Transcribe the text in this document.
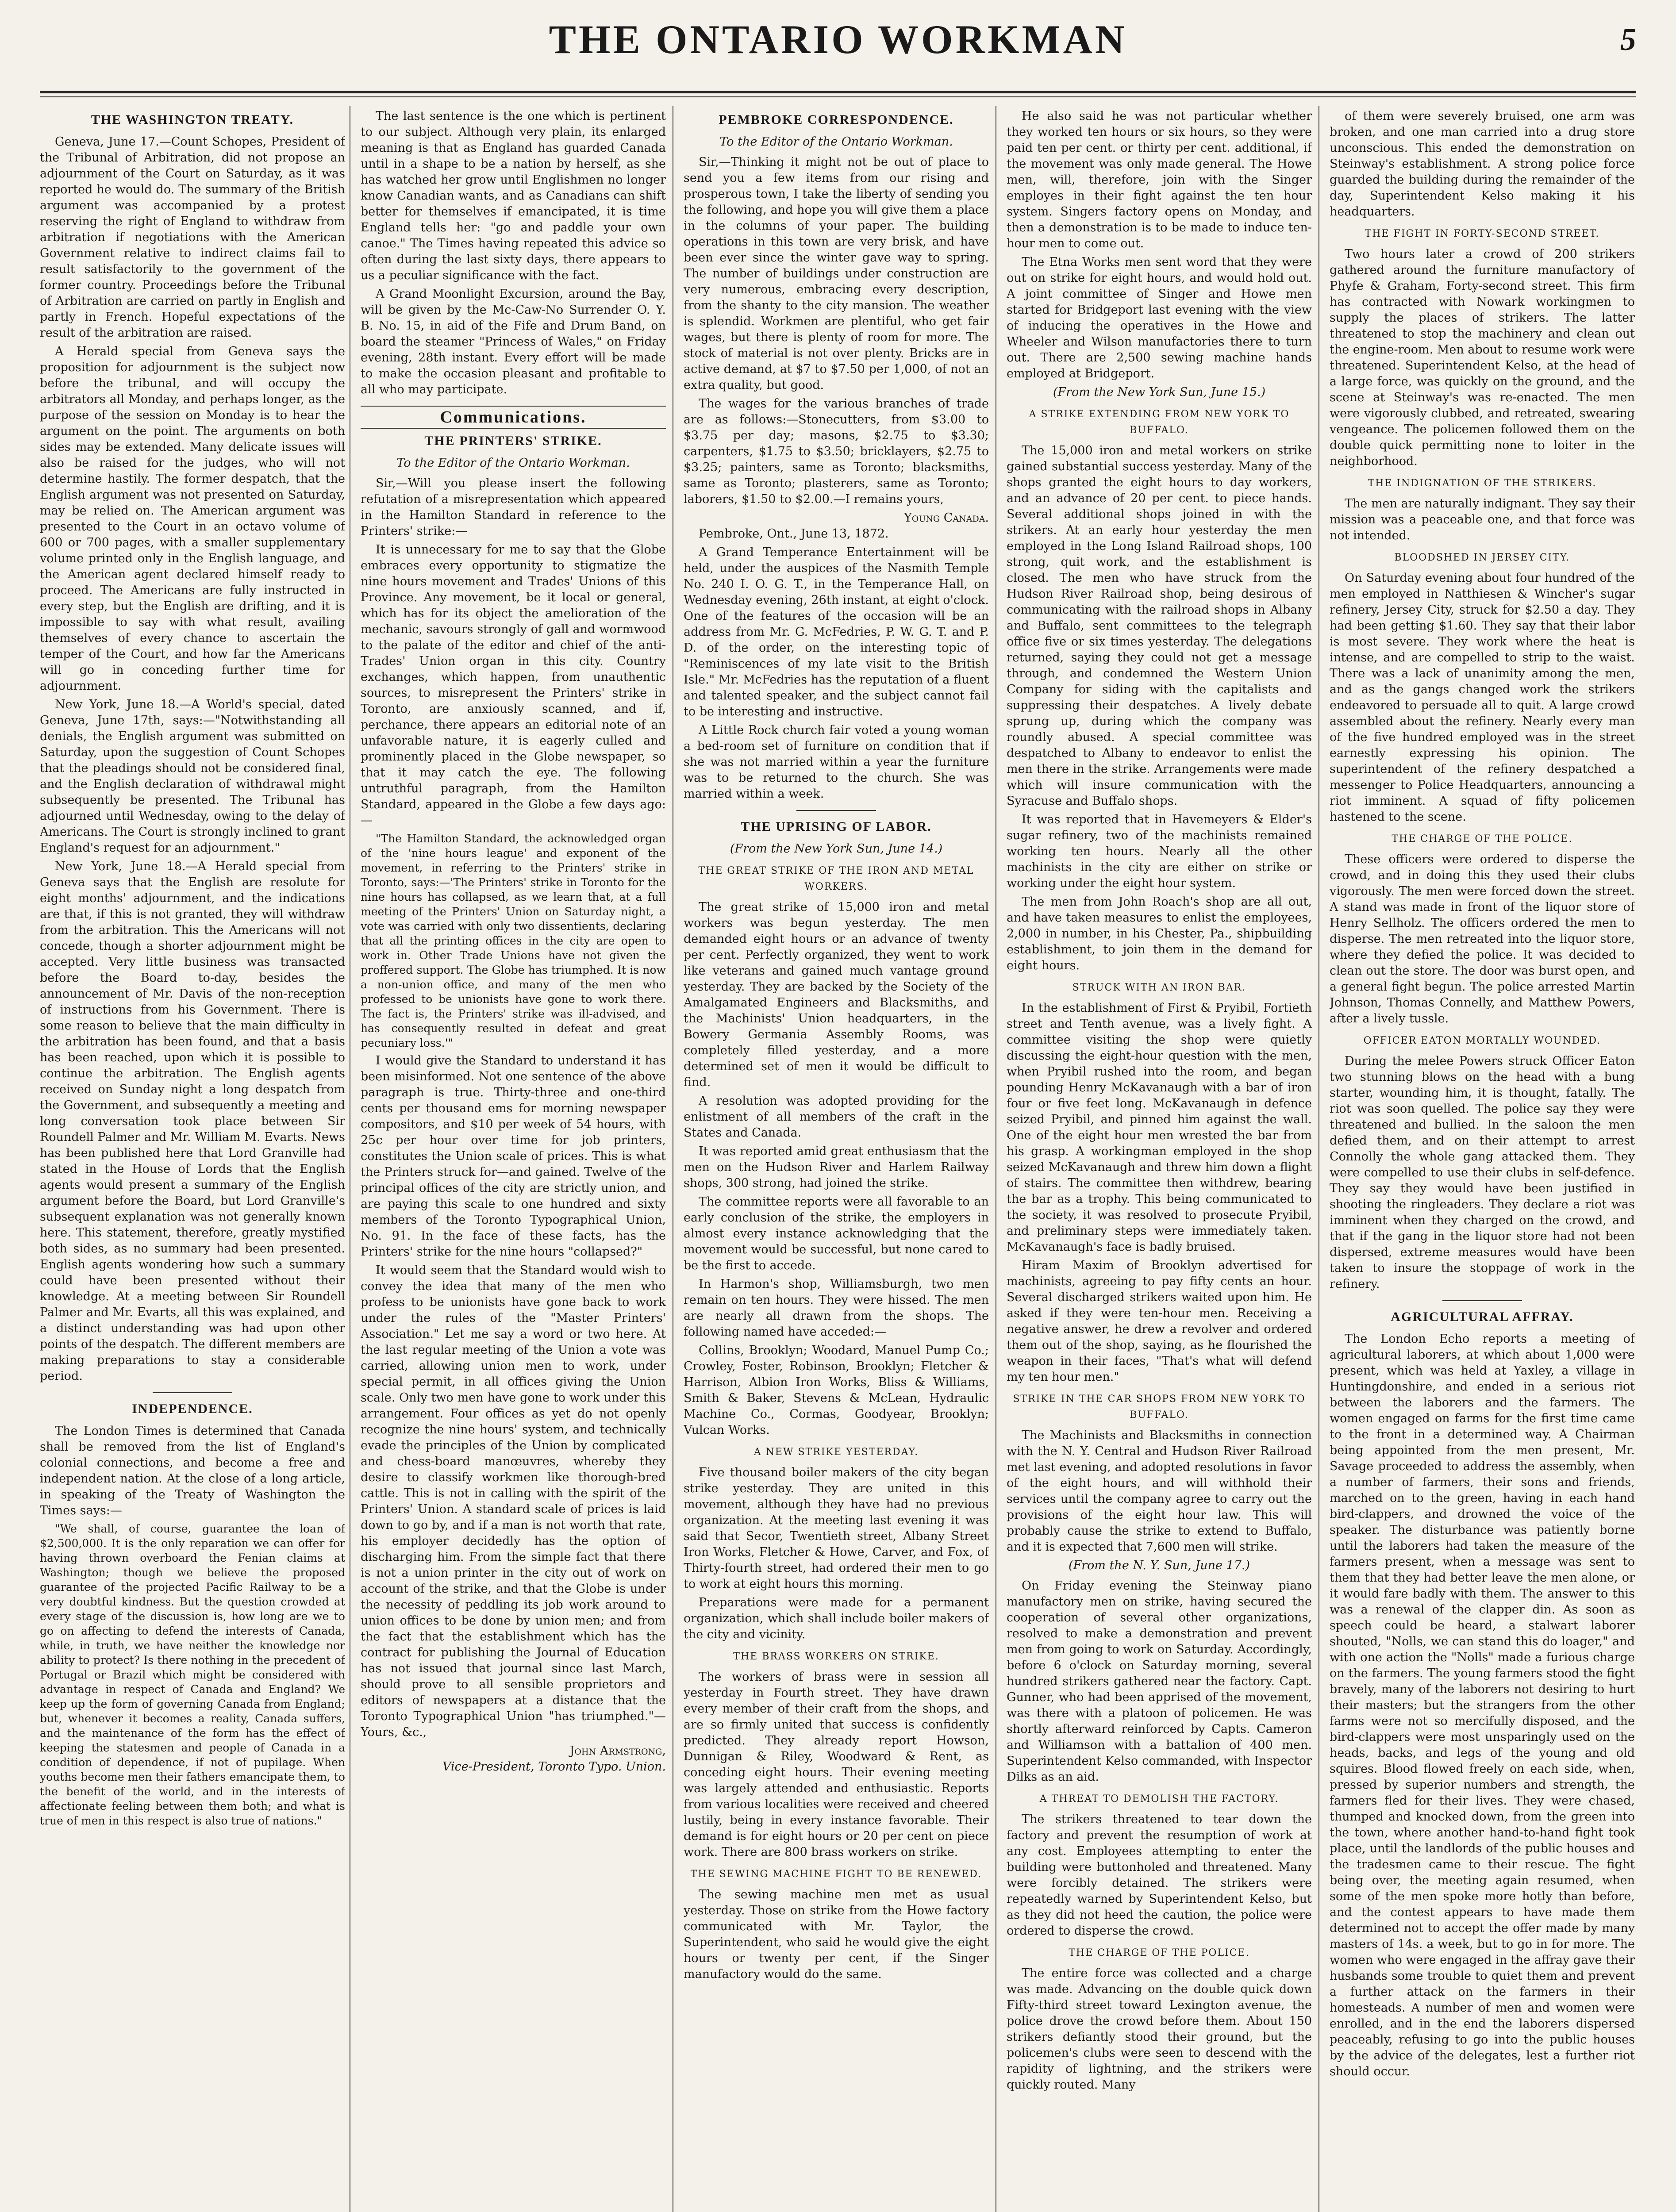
THE ONTARIO WORKMAN	5
THE WASHINGTON TREATY.

Geneva, June 17.—Count Schopes, President of the Tribunal of Arbitration, did not propose an adjournment of the Court on Saturday, as it was reported he would do. The summary of the British argument was accompanied by a protest reserving the right of England to withdraw from arbitration if negotiations with the American Government relative to indirect claims fail to result satisfactorily to the government of the former country. Proceedings before the Tribunal of Arbitration are carried on partly in English and partly in French. Hopeful expectations of the result of the arbitration are raised.

A Herald special from Geneva says the proposition for adjournment is the subject now before the tribunal, and will occupy the arbitrators all Monday, and perhaps longer, as the purpose of the session on Monday is to hear the argument on the point. The arguments on both sides may be extended. Many delicate issues will also be raised for the judges, who will not determine hastily. The former despatch, that the English argument was not presented on Saturday, may be relied on. The American argument was presented to the Court in an octavo volume of 600 or 700 pages, with a smaller supplementary volume printed only in the English language, and the American agent declared himself ready to proceed. The Americans are fully instructed in every step, but the English are drifting, and it is impossible to say with what result, availing themselves of every chance to ascertain the temper of the Court, and how far the Americans will go in conceding further time for adjournment.

New York, June 18.—A World's special, dated Geneva, June 17th, says:—"Notwithstanding all denials, the English argument was submitted on Saturday, upon the suggestion of Count Schopes that the pleadings should not be considered final, and the English declaration of withdrawal might subsequently be presented. The Tribunal has adjourned until Wednesday, owing to the delay of Americans. The Court is strongly inclined to grant England's request for an adjournment."

New York, June 18.—A Herald special from Geneva says that the English are resolute for eight months' adjournment, and the indications are that, if this is not granted, they will withdraw from the arbitration. This the Americans will not concede, though a shorter adjournment might be accepted. Very little business was transacted before the Board to-day, besides the announcement of Mr. Davis of the non-reception of instructions from his Government. There is some reason to believe that the main difficulty in the arbitration has been found, and that a basis has been reached, upon which it is possible to continue the arbitration. The English agents received on Sunday night a long despatch from the Government, and subsequently a meeting and long conversation took place between Sir Roundell Palmer and Mr. William M. Evarts. News has been published here that Lord Granville had stated in the House of Lords that the English agents would present a summary of the English argument before the Board, but Lord Granville's subsequent explanation was not generally known here. This statement, therefore, greatly mystified both sides, as no summary had been presented. English agents wondering how such a summary could have been presented without their knowledge. At a meeting between Sir Roundell Palmer and Mr. Evarts, all this was explained, and a distinct understanding was had upon other points of the despatch. The different members are making preparations to stay a considerable period.

INDEPENDENCE.

The London Times is determined that Canada shall be removed from the list of England's colonial connections, and become a free and independent nation. At the close of a long article, in speaking of the Treaty of Washington the Times says:—

"We shall, of course, guarantee the loan of $2,500,000. It is the only reparation we can offer for having thrown overboard the Fenian claims at Washington; though we believe the proposed guarantee of the projected Pacific Railway to be a very doubtful kindness. But the question crowded at every stage of the discussion is, how long are we to go on affecting to defend the interests of Canada, while, in truth, we have neither the knowledge nor ability to protect? Is there nothing in the precedent of Portugal or Brazil which might be considered with advantage in respect of Canada and England? We keep up the form of governing Canada from England; but, whenever it becomes a reality, Canada suffers, and the maintenance of the form has the effect of keeping the statesmen and people of Canada in a condition of dependence, if not of pupilage. When youths become men their fathers emancipate them, to the benefit of the world, and in the interests of affectionate feeling between them both; and what is true of men in this respect is also true of nations."

The last sentence is the one which is pertinent to our subject. Although very plain, its enlarged meaning is that as England has guarded Canada until in a shape to be a nation by herself, as she has watched her grow until Englishmen no longer know Canadian wants, and as Canadians can shift better for themselves if emancipated, it is time England tells her: "go and paddle your own canoe." The Times having repeated this advice so often during the last sixty days, there appears to us a peculiar significance with the fact.

A Grand Moonlight Excursion, around the Bay, will be given by the Mc-Caw-No Surrender O. Y. B. No. 15, in aid of the Fife and Drum Band, on board the steamer "Princess of Wales," on Friday evening, 28th instant. Every effort will be made to make the occasion pleasant and profitable to all who may participate.

Communications.
THE PRINTERS' STRIKE.
To the Editor of the Ontario Workman.

Sir,—Will you please insert the following refutation of a misrepresentation which appeared in the Hamilton Standard in reference to the Printers' strike:—

It is unnecessary for me to say that the Globe embraces every opportunity to stigmatize the nine hours movement and Trades' Unions of this Province. Any movement, be it local or general, which has for its object the amelioration of the mechanic, savours strongly of gall and wormwood to the palate of the editor and chief of the anti-Trades' Union organ in this city. Country exchanges, which happen, from unauthentic sources, to misrepresent the Printers' strike in Toronto, are anxiously scanned, and if, perchance, there appears an editorial note of an unfavorable nature, it is eagerly culled and prominently placed in the Globe newspaper, so that it may catch the eye. The following untruthful paragraph, from the Hamilton Standard, appeared in the Globe a few days ago:—

"The Hamilton Standard, the acknowledged organ of the 'nine hours league' and exponent of the movement, in referring to the Printers' strike in Toronto, says:—'The Printers' strike in Toronto for the nine hours has collapsed, as we learn that, at a full meeting of the Printers' Union on Saturday night, a vote was carried with only two dissentients, declaring that all the printing offices in the city are open to work in. Other Trade Unions have not given the proffered support. The Globe has triumphed. It is now a non-union office, and many of the men who professed to be unionists have gone to work there. The fact is, the Printers' strike was ill-advised, and has consequently resulted in defeat and great pecuniary loss.'"

I would give the Standard to understand it has been misinformed. Not one sentence of the above paragraph is true. Thirty-three and one-third cents per thousand ems for morning newspaper compositors, and $10 per week of 54 hours, with 25c per hour over time for job printers, constitutes the Union scale of prices. This is what the Printers struck for—and gained. Twelve of the principal offices of the city are strictly union, and are paying this scale to one hundred and sixty members of the Toronto Typographical Union, No. 91. In the face of these facts, has the Printers' strike for the nine hours "collapsed?"

It would seem that the Standard would wish to convey the idea that many of the men who profess to be unionists have gone back to work under the rules of the "Master Printers' Association." Let me say a word or two here. At the last regular meeting of the Union a vote was carried, allowing union men to work, under special permit, in all offices giving the Union scale. Only two men have gone to work under this arrangement. Four offices as yet do not openly recognize the nine hours' system, and technically evade the principles of the Union by complicated and chess-board manœuvres, whereby they desire to classify workmen like thorough-bred cattle. This is not in calling with the spirit of the Printers' Union. A standard scale of prices is laid down to go by, and if a man is not worth that rate, his employer decidedly has the option of discharging him. From the simple fact that there is not a union printer in the city out of work on account of the strike, and that the Globe is under the necessity of peddling its job work around to union offices to be done by union men; and from the fact that the establishment which has the contract for publishing the Journal of Education has not issued that journal since last March, should prove to all sensible proprietors and editors of newspapers at a distance that the Toronto Typographical Union "has triumphed."—Yours, &c.,

John Armstrong,
Vice-President, Toronto Typo. Union.
PEMBROKE CORRESPONDENCE.
To the Editor of the Ontario Workman.

Sir,—Thinking it might not be out of place to send you a few items from our rising and prosperous town, I take the liberty of sending you the following, and hope you will give them a place in the columns of your paper. The building operations in this town are very brisk, and have been ever since the winter gave way to spring. The number of buildings under construction are very numerous, embracing every description, from the shanty to the city mansion. The weather is splendid. Workmen are plentiful, who get fair wages, but there is plenty of room for more. The stock of material is not over plenty. Bricks are in active demand, at $7 to $7.50 per 1,000, of not an extra quality, but good.

The wages for the various branches of trade are as follows:—Stonecutters, from $3.00 to $3.75 per day; masons, $2.75 to $3.30; carpenters, $1.75 to $3.50; bricklayers, $2.75 to $3.25; painters, same as Toronto; blacksmiths, same as Toronto; plasterers, same as Toronto; laborers, $1.50 to $2.00.—I remains yours,

Young Canada.

Pembroke, Ont., June 13, 1872.

A Grand Temperance Entertainment will be held, under the auspices of the Nasmith Temple No. 240 I. O. G. T., in the Temperance Hall, on Wednesday evening, 26th instant, at eight o'clock. One of the features of the occasion will be an address from Mr. G. McFedries, P. W. G. T. and P. D. of the order, on the interesting topic of "Reminiscences of my late visit to the British Isle." Mr. McFedries has the reputation of a fluent and talented speaker, and the subject cannot fail to be interesting and instructive.

A Little Rock church fair voted a young woman a bed-room set of furniture on condition that if she was not married within a year the furniture was to be returned to the church. She was married within a week.

THE UPRISING OF LABOR.
(From the New York Sun, June 14.)
THE GREAT STRIKE OF THE IRON AND METAL WORKERS.

The great strike of 15,000 iron and metal workers was begun yesterday. The men demanded eight hours or an advance of twenty per cent. Perfectly organized, they went to work like veterans and gained much vantage ground yesterday. They are backed by the Society of the Amalgamated Engineers and Blacksmiths, and the Machinists' Union headquarters, in the Bowery Germania Assembly Rooms, was completely filled yesterday, and a more determined set of men it would be difficult to find.

A resolution was adopted providing for the enlistment of all members of the craft in the States and Canada.

It was reported amid great enthusiasm that the men on the Hudson River and Harlem Railway shops, 300 strong, had joined the strike.

The committee reports were all favorable to an early conclusion of the strike, the employers in almost every instance acknowledging that the movement would be successful, but none cared to be the first to accede.

In Harmon's shop, Williamsburgh, two men remain on ten hours. They were hissed. The men are nearly all drawn from the shops. The following named have acceded:—

Collins, Brooklyn; Woodard, Manuel Pump Co.; Crowley, Foster, Robinson, Brooklyn; Fletcher & Harrison, Albion Iron Works, Bliss & Williams, Smith & Baker, Stevens & McLean, Hydraulic Machine Co., Cormas, Goodyear, Brooklyn; Vulcan Works.

A NEW STRIKE YESTERDAY.

Five thousand boiler makers of the city began strike yesterday. They are united in this movement, although they have had no previous organization. At the meeting last evening it was said that Secor, Twentieth street, Albany Street Iron Works, Fletcher & Howe, Carver, and Fox, of Thirty-fourth street, had ordered their men to go to work at eight hours this morning.

Preparations were made for a permanent organization, which shall include boiler makers of the city and vicinity.

THE BRASS WORKERS ON STRIKE.

The workers of brass were in session all yesterday in Fourth street. They have drawn every member of their craft from the shops, and are so firmly united that success is confidently predicted. They already report Howson, Dunnigan & Riley, Woodward & Rent, as conceding eight hours. Their evening meeting was largely attended and enthusiastic. Reports from various localities were received and cheered lustily, being in every instance favorable. Their demand is for eight hours or 20 per cent on piece work. There are 800 brass workers on strike.

THE SEWING MACHINE FIGHT TO BE RENEWED.

The sewing machine men met as usual yesterday. Those on strike from the Howe factory communicated with Mr. Taylor, the Superintendent, who said he would give the eight hours or twenty per cent, if the Singer manufactory would do the same.

He also said he was not particular whether they worked ten hours or six hours, so they were paid ten per cent. or thirty per cent. additional, if the movement was only made general. The Howe men, will, therefore, join with the Singer employes in their fight against the ten hour system. Singers factory opens on Monday, and then a demonstration is to be made to induce ten-hour men to come out.

The Etna Works men sent word that they were out on strike for eight hours, and would hold out. A joint committee of Singer and Howe men started for Bridgeport last evening with the view of inducing the operatives in the Howe and Wheeler and Wilson manufactories there to turn out. There are 2,500 sewing machine hands employed at Bridgeport.

(From the New York Sun, June 15.)
A STRIKE EXTENDING FROM NEW YORK TO BUFFALO.

The 15,000 iron and metal workers on strike gained substantial success yesterday. Many of the shops granted the eight hours to day workers, and an advance of 20 per cent. to piece hands. Several additional shops joined in with the strikers. At an early hour yesterday the men employed in the Long Island Railroad shops, 100 strong, quit work, and the establishment is closed. The men who have struck from the Hudson River Railroad shop, being desirous of communicating with the railroad shops in Albany and Buffalo, sent committees to the telegraph office five or six times yesterday. The delegations returned, saying they could not get a message through, and condemned the Western Union Company for siding with the capitalists and suppressing their despatches. A lively debate sprung up, during which the company was roundly abused. A special committee was despatched to Albany to endeavor to enlist the men there in the strike. Arrangements were made which will insure communication with the Syracuse and Buffalo shops.

It was reported that in Havemeyers & Elder's sugar refinery, two of the machinists remained working ten hours. Nearly all the other machinists in the city are either on strike or working under the eight hour system.

The men from John Roach's shop are all out, and have taken measures to enlist the employees, 2,000 in number, in his Chester, Pa., shipbuilding establishment, to join them in the demand for eight hours.

STRUCK WITH AN IRON BAR.

In the establishment of First & Pryibil, Fortieth street and Tenth avenue, was a lively fight. A committee visiting the shop were quietly discussing the eight-hour question with the men, when Pryibil rushed into the room, and began pounding Henry McKavanaugh with a bar of iron four or five feet long. McKavanaugh in defence seized Pryibil, and pinned him against the wall. One of the eight hour men wrested the bar from his grasp. A workingman employed in the shop seized McKavanaugh and threw him down a flight of stairs. The committee then withdrew, bearing the bar as a trophy. This being communicated to the society, it was resolved to prosecute Pryibil, and preliminary steps were immediately taken. McKavanaugh's face is badly bruised.

Hiram Maxim of Brooklyn advertised for machinists, agreeing to pay fifty cents an hour. Several discharged strikers waited upon him. He asked if they were ten-hour men. Receiving a negative answer, he drew a revolver and ordered them out of the shop, saying, as he flourished the weapon in their faces, "That's what will defend my ten hour men."

STRIKE IN THE CAR SHOPS FROM NEW YORK TO BUFFALO.

The Machinists and Blacksmiths in connection with the N. Y. Central and Hudson River Railroad met last evening, and adopted resolutions in favor of the eight hours, and will withhold their services until the company agree to carry out the provisions of the eight hour law. This will probably cause the strike to extend to Buffalo, and it is expected that 7,600 men will strike.

(From the N. Y. Sun, June 17.)

On Friday evening the Steinway piano manufactory men on strike, having secured the cooperation of several other organizations, resolved to make a demonstration and prevent men from going to work on Saturday. Accordingly, before 6 o'clock on Saturday morning, several hundred strikers gathered near the factory. Capt. Gunner, who had been apprised of the movement, was there with a platoon of policemen. He was shortly afterward reinforced by Capts. Cameron and Williamson with a battalion of 400 men. Superintendent Kelso commanded, with Inspector Dilks as an aid.

A THREAT TO DEMOLISH THE FACTORY.

The strikers threatened to tear down the factory and prevent the resumption of work at any cost. Employees attempting to enter the building were buttonholed and threatened. Many were forcibly detained. The strikers were repeatedly warned by Superintendent Kelso, but as they did not heed the caution, the police were ordered to disperse the crowd.

THE CHARGE OF THE POLICE.

The entire force was collected and a charge was made. Advancing on the double quick down Fifty-third street toward Lexington avenue, the police drove the crowd before them. About 150 strikers defiantly stood their ground, but the policemen's clubs were seen to descend with the rapidity of lightning, and the strikers were quickly routed. Many

of them were severely bruised, one arm was broken, and one man carried into a drug store unconscious. This ended the demonstration on Steinway's establishment. A strong police force guarded the building during the remainder of the day, Superintendent Kelso making it his headquarters.

THE FIGHT IN FORTY-SECOND STREET.

Two hours later a crowd of 200 strikers gathered around the furniture manufactory of Phyfe & Graham, Forty-second street. This firm has contracted with Nowark workingmen to supply the places of strikers. The latter threatened to stop the machinery and clean out the engine-room. Men about to resume work were threatened. Superintendent Kelso, at the head of a large force, was quickly on the ground, and the scene at Steinway's was re-enacted. The men were vigorously clubbed, and retreated, swearing vengeance. The policemen followed them on the double quick permitting none to loiter in the neighborhood.

THE INDIGNATION OF THE STRIKERS.

The men are naturally indignant. They say their mission was a peaceable one, and that force was not intended.

BLOODSHED IN JERSEY CITY.

On Saturday evening about four hundred of the men employed in Natthiesen & Wincher's sugar refinery, Jersey City, struck for $2.50 a day. They had been getting $1.60. They say that their labor is most severe. They work where the heat is intense, and are compelled to strip to the waist. There was a lack of unanimity among the men, and as the gangs changed work the strikers endeavored to persuade all to quit. A large crowd assembled about the refinery. Nearly every man of the five hundred employed was in the street earnestly expressing his opinion. The superintendent of the refinery despatched a messenger to Police Headquarters, announcing a riot imminent. A squad of fifty policemen hastened to the scene.

THE CHARGE OF THE POLICE.

These officers were ordered to disperse the crowd, and in doing this they used their clubs vigorously. The men were forced down the street. A stand was made in front of the liquor store of Henry Sellholz. The officers ordered the men to disperse. The men retreated into the liquor store, where they defied the police. It was decided to clean out the store. The door was burst open, and a general fight begun. The police arrested Martin Johnson, Thomas Connelly, and Matthew Powers, after a lively tussle.

OFFICER EATON MORTALLY WOUNDED.

During the melee Powers struck Officer Eaton two stunning blows on the head with a bung starter, wounding him, it is thought, fatally. The riot was soon quelled. The police say they were threatened and bullied. In the saloon the men defied them, and on their attempt to arrest Connolly the whole gang attacked them. They were compelled to use their clubs in self-defence. They say they would have been justified in shooting the ringleaders. They declare a riot was imminent when they charged on the crowd, and that if the gang in the liquor store had not been dispersed, extreme measures would have been taken to insure the stoppage of work in the refinery.

AGRICULTURAL AFFRAY.

The London Echo reports a meeting of agricultural laborers, at which about 1,000 were present, which was held at Yaxley, a village in Huntingdonshire, and ended in a serious riot between the laborers and the farmers. The women engaged on farms for the first time came to the front in a determined way. A Chairman being appointed from the men present, Mr. Savage proceeded to address the assembly, when a number of farmers, their sons and friends, marched on to the green, having in each hand bird-clappers, and drowned the voice of the speaker. The disturbance was patiently borne until the laborers had taken the measure of the farmers present, when a message was sent to them that they had better leave the men alone, or it would fare badly with them. The answer to this was a renewal of the clapper din. As soon as speech could be heard, a stalwart laborer shouted, "Nolls, we can stand this do loager," and with one action the "Nolls" made a furious charge on the farmers. The young farmers stood the fight bravely, many of the laborers not desiring to hurt their masters; but the strangers from the other farms were not so mercifully disposed, and the bird-clappers were most unsparingly used on the heads, backs, and legs of the young and old squires. Blood flowed freely on each side, when, pressed by superior numbers and strength, the farmers fled for their lives. They were chased, thumped and knocked down, from the green into the town, where another hand-to-hand fight took place, until the landlords of the public houses and the tradesmen came to their rescue. The fight being over, the meeting again resumed, when some of the men spoke more hotly than before, and the contest appears to have made them determined not to accept the offer made by many masters of 14s. a week, but to go in for more. The women who were engaged in the affray gave their husbands some trouble to quiet them and prevent a further attack on the farmers in their homesteads. A number of men and women were enrolled, and in the end the laborers dispersed peaceably, refusing to go into the public houses by the advice of the delegates, lest a further riot should occur.
